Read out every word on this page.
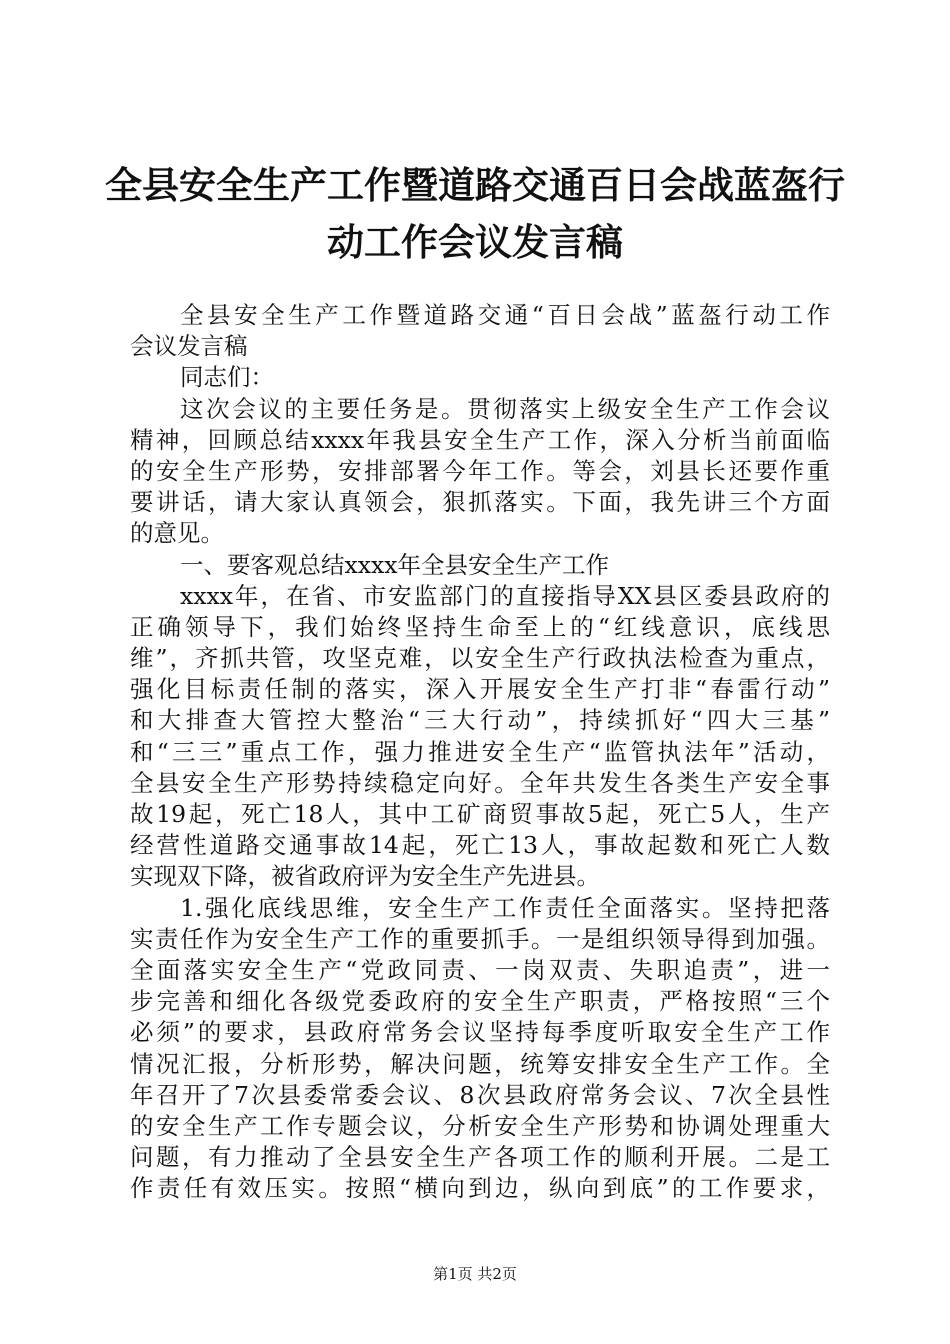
全县安全生产工作暨道路交通百日会战蓝盔行
动工作会议发言稿
全县安全生产工作暨道路交通“百日会战”蓝盔行动工作
会议发言稿
同志们：
这次会议的主要任务是。贯彻落实上级安全生产工作会议
精神，回顾总结xxxx年我县安全生产工作，深入分析当前面临
的安全生产形势，安排部署今年工作。等会，刘县长还要作重
要讲话，请大家认真领会，狠抓落实。下面，我先讲三个方面
的意见。
一、要客观总结xxxx年全县安全生产工作
xxxx年，在省、市安监部门的直接指导XX县区委县政府的
正确领导下，我们始终坚持生命至上的“红线意识，底线思
维”，齐抓共管，攻坚克难，以安全生产行政执法检查为重点，
强化目标责任制的落实，深入开展安全生产打非“春雷行动”
和大排查大管控大整治“三大行动”，持续抓好“四大三基”
和“三三”重点工作，强力推进安全生产“监管执法年”活动，
全县安全生产形势持续稳定向好。全年共发生各类生产安全事
故19起，死亡18人，其中工矿商贸事故5起，死亡5人，生产
经营性道路交通事故14起，死亡13人，事故起数和死亡人数
实现双下降，被省政府评为安全生产先进县。
1.强化底线思维，安全生产工作责任全面落实。坚持把落
实责任作为安全生产工作的重要抓手。一是组织领导得到加强。
全面落实安全生产“党政同责、一岗双责、失职追责”，进一
步完善和细化各级党委政府的安全生产职责，严格按照“三个
必须”的要求，县政府常务会议坚持每季度听取安全生产工作
情况汇报，分析形势，解决问题，统筹安排安全生产工作。全
年召开了7次县委常委会议、8次县政府常务会议、7次全县性
的安全生产工作专题会议，分析安全生产形势和协调处理重大
问题，有力推动了全县安全生产各项工作的顺利开展。二是工
作责任有效压实。按照“横向到边，纵向到底”的工作要求，
第1页 共2页
